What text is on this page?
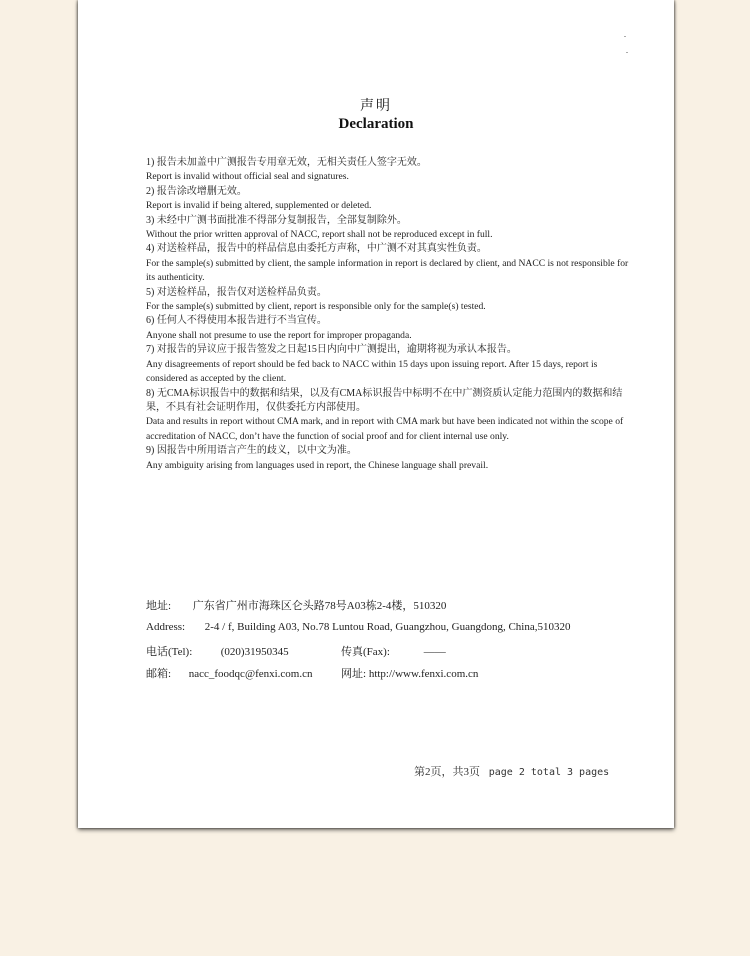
声明
Declaration

1) 报告未加盖中广测报告专用章无效，无相关责任人签字无效。

Report is invalid without official seal and signatures.

2) 报告涂改增删无效。

Report is invalid if being altered, supplemented or deleted.

3) 未经中广测书面批准不得部分复制报告，全部复制除外。

Without the prior written approval of NACC, report shall not be reproduced except in full.

4) 对送检样品，报告中的样品信息由委托方声称，中广测不对其真实性负责。

For the sample(s) submitted by client, the sample information in report is declared by client, and NACC is not responsible for its authenticity.

5) 对送检样品，报告仅对送检样品负责。

For the sample(s) submitted by client, report is responsible only for the sample(s) tested.

6) 任何人不得使用本报告进行不当宣传。

Anyone shall not presume to use the report for improper propaganda.

7) 对报告的异议应于报告签发之日起15日内向中广测提出，逾期将视为承认本报告。

Any disagreements of report should be fed back to NACC within 15 days upon issuing report. After 15 days, report is considered as accepted by the client.

8) 无CMA标识报告中的数据和结果，以及有CMA标识报告中标明不在中广测资质认定能力范围内的数据和结果，不具有社会证明作用，仅供委托方内部使用。

Data and results in report without CMA mark, and in report with CMA mark but have been indicated not within the scope of accreditation of NACC, don’t have the function of social proof and for client internal use only.

9) 因报告中所用语言产生的歧义，以中文为准。

Any ambiguity arising from languages used in report, the Chinese language shall prevail.

地址: 广东省广州市海珠区仑头路78号A03栋2-4楼，510320
Address: 2-4 / f, Building A03, No.78 Luntou Road, Guangzhou, Guangdong, China,510320
电话(Tel):	(020)31950345	传真(Fax):	——
邮箱: nacc_foodqc@fenxi.com.cn	网址: http://www.fenxi.com.cn
第2页，共3页 page 2 total 3 pages
